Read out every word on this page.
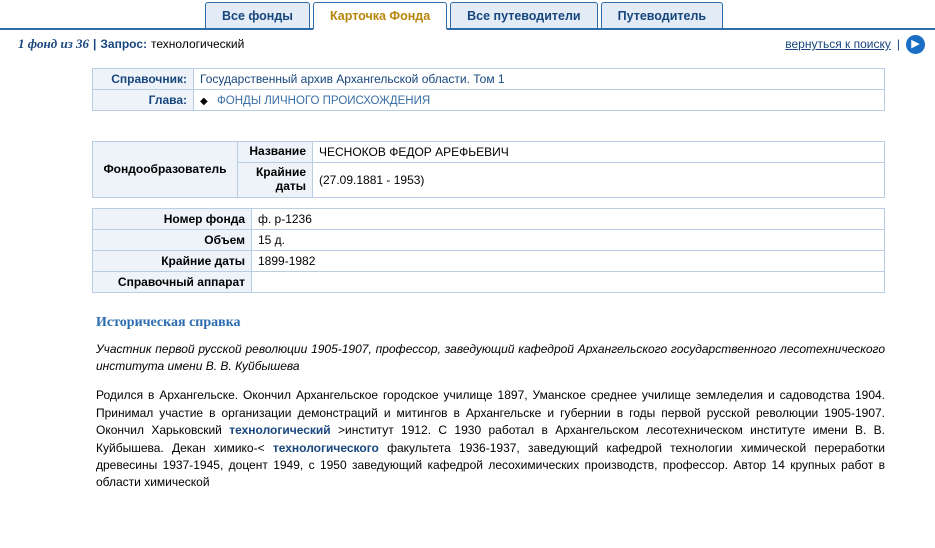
Все фонды	Карточка Фонда	Все путеводители	Путеводитель
1 фонд из 36 | Запрос: технологический	вернуться к поиску |	▶
Справочник:	Государственный архив Архангельской области. Том 1
Глава:	◆ ФОНДЫ ЛИЧНОГО ПРОИСХОЖДЕНИЯ
Фондообразователь	Название	ЧЕСНОКОВ ФЕДОР АРЕФЬЕВИЧ
	Крайние даты	(27.09.1881 - 1953)
Номер фонда	ф. р-1236
Объем	15 д.
Крайние даты	1899-1982
Справочный аппарат	
Историческая справка
Участник первой русской революции 1905-1907, профессор, заведующий кафедрой Архангельского государственного лесотехнического института имени В. В. Куйбышева
Родился в Архангельске. Окончил Архангельское городское училище 1897, Уманское среднее училище земледелия и садоводства 1904. Принимал участие в организации демонстраций и митингов в Архангельске и губернии в годы первой русской революции 1905-1907. Окончил Харьковский технологический >институт 1912. С 1930 работал в Архангельском лесотехническом институте имени В. В. Куйбышева. Декан химико-< технологического факультета 1936-1937, заведующий кафедрой технологии химической переработки древесины 1937-1945, доцент 1949, с 1950 заведующий кафедрой лесохимических производств, профессор. Автор 14 крупных работ в области химической
